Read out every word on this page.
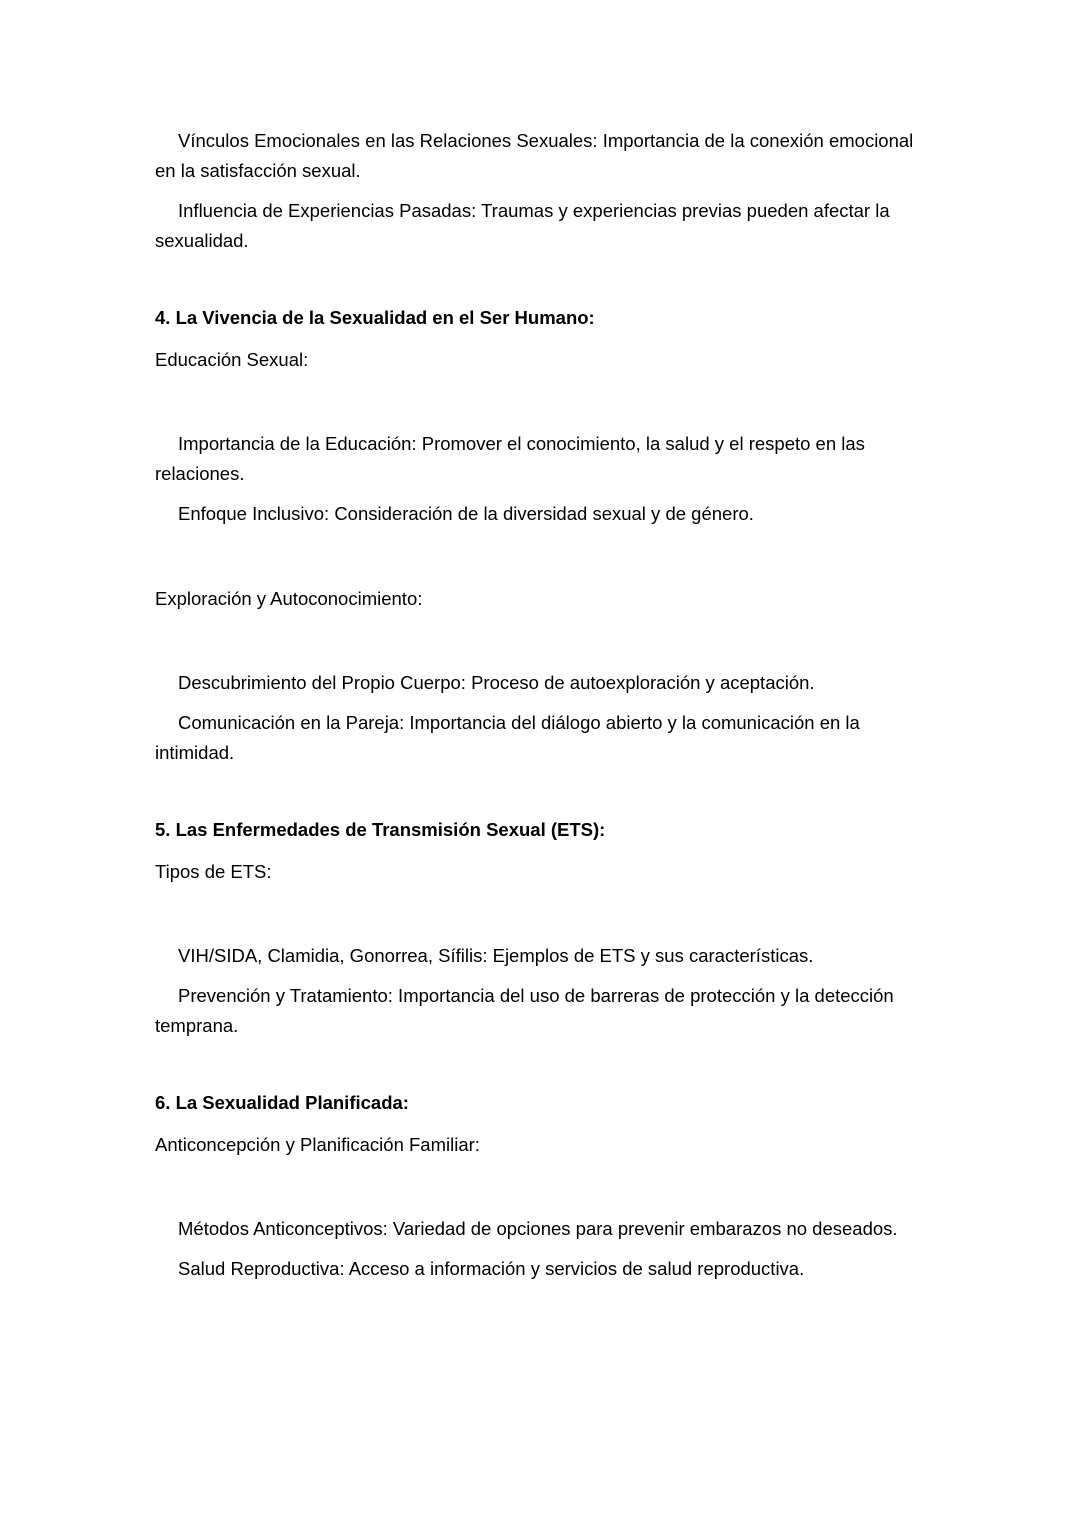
Vínculos Emocionales en las Relaciones Sexuales: Importancia de la conexión emocional en la satisfacción sexual.

Influencia de Experiencias Pasadas: Traumas y experiencias previas pueden afectar la sexualidad.

4. La Vivencia de la Sexualidad en el Ser Humano:

Educación Sexual:

Importancia de la Educación: Promover el conocimiento, la salud y el respeto en las relaciones.

Enfoque Inclusivo: Consideración de la diversidad sexual y de género.

Exploración y Autoconocimiento:

Descubrimiento del Propio Cuerpo: Proceso de autoexploración y aceptación.

Comunicación en la Pareja: Importancia del diálogo abierto y la comunicación en la intimidad.

5. Las Enfermedades de Transmisión Sexual (ETS):

Tipos de ETS:

VIH/SIDA, Clamidia, Gonorrea, Sífilis: Ejemplos de ETS y sus características.

Prevención y Tratamiento: Importancia del uso de barreras de protección y la detección temprana.

6. La Sexualidad Planificada:

Anticoncepción y Planificación Familiar:

Métodos Anticonceptivos: Variedad de opciones para prevenir embarazos no deseados.

Salud Reproductiva: Acceso a información y servicios de salud reproductiva.
